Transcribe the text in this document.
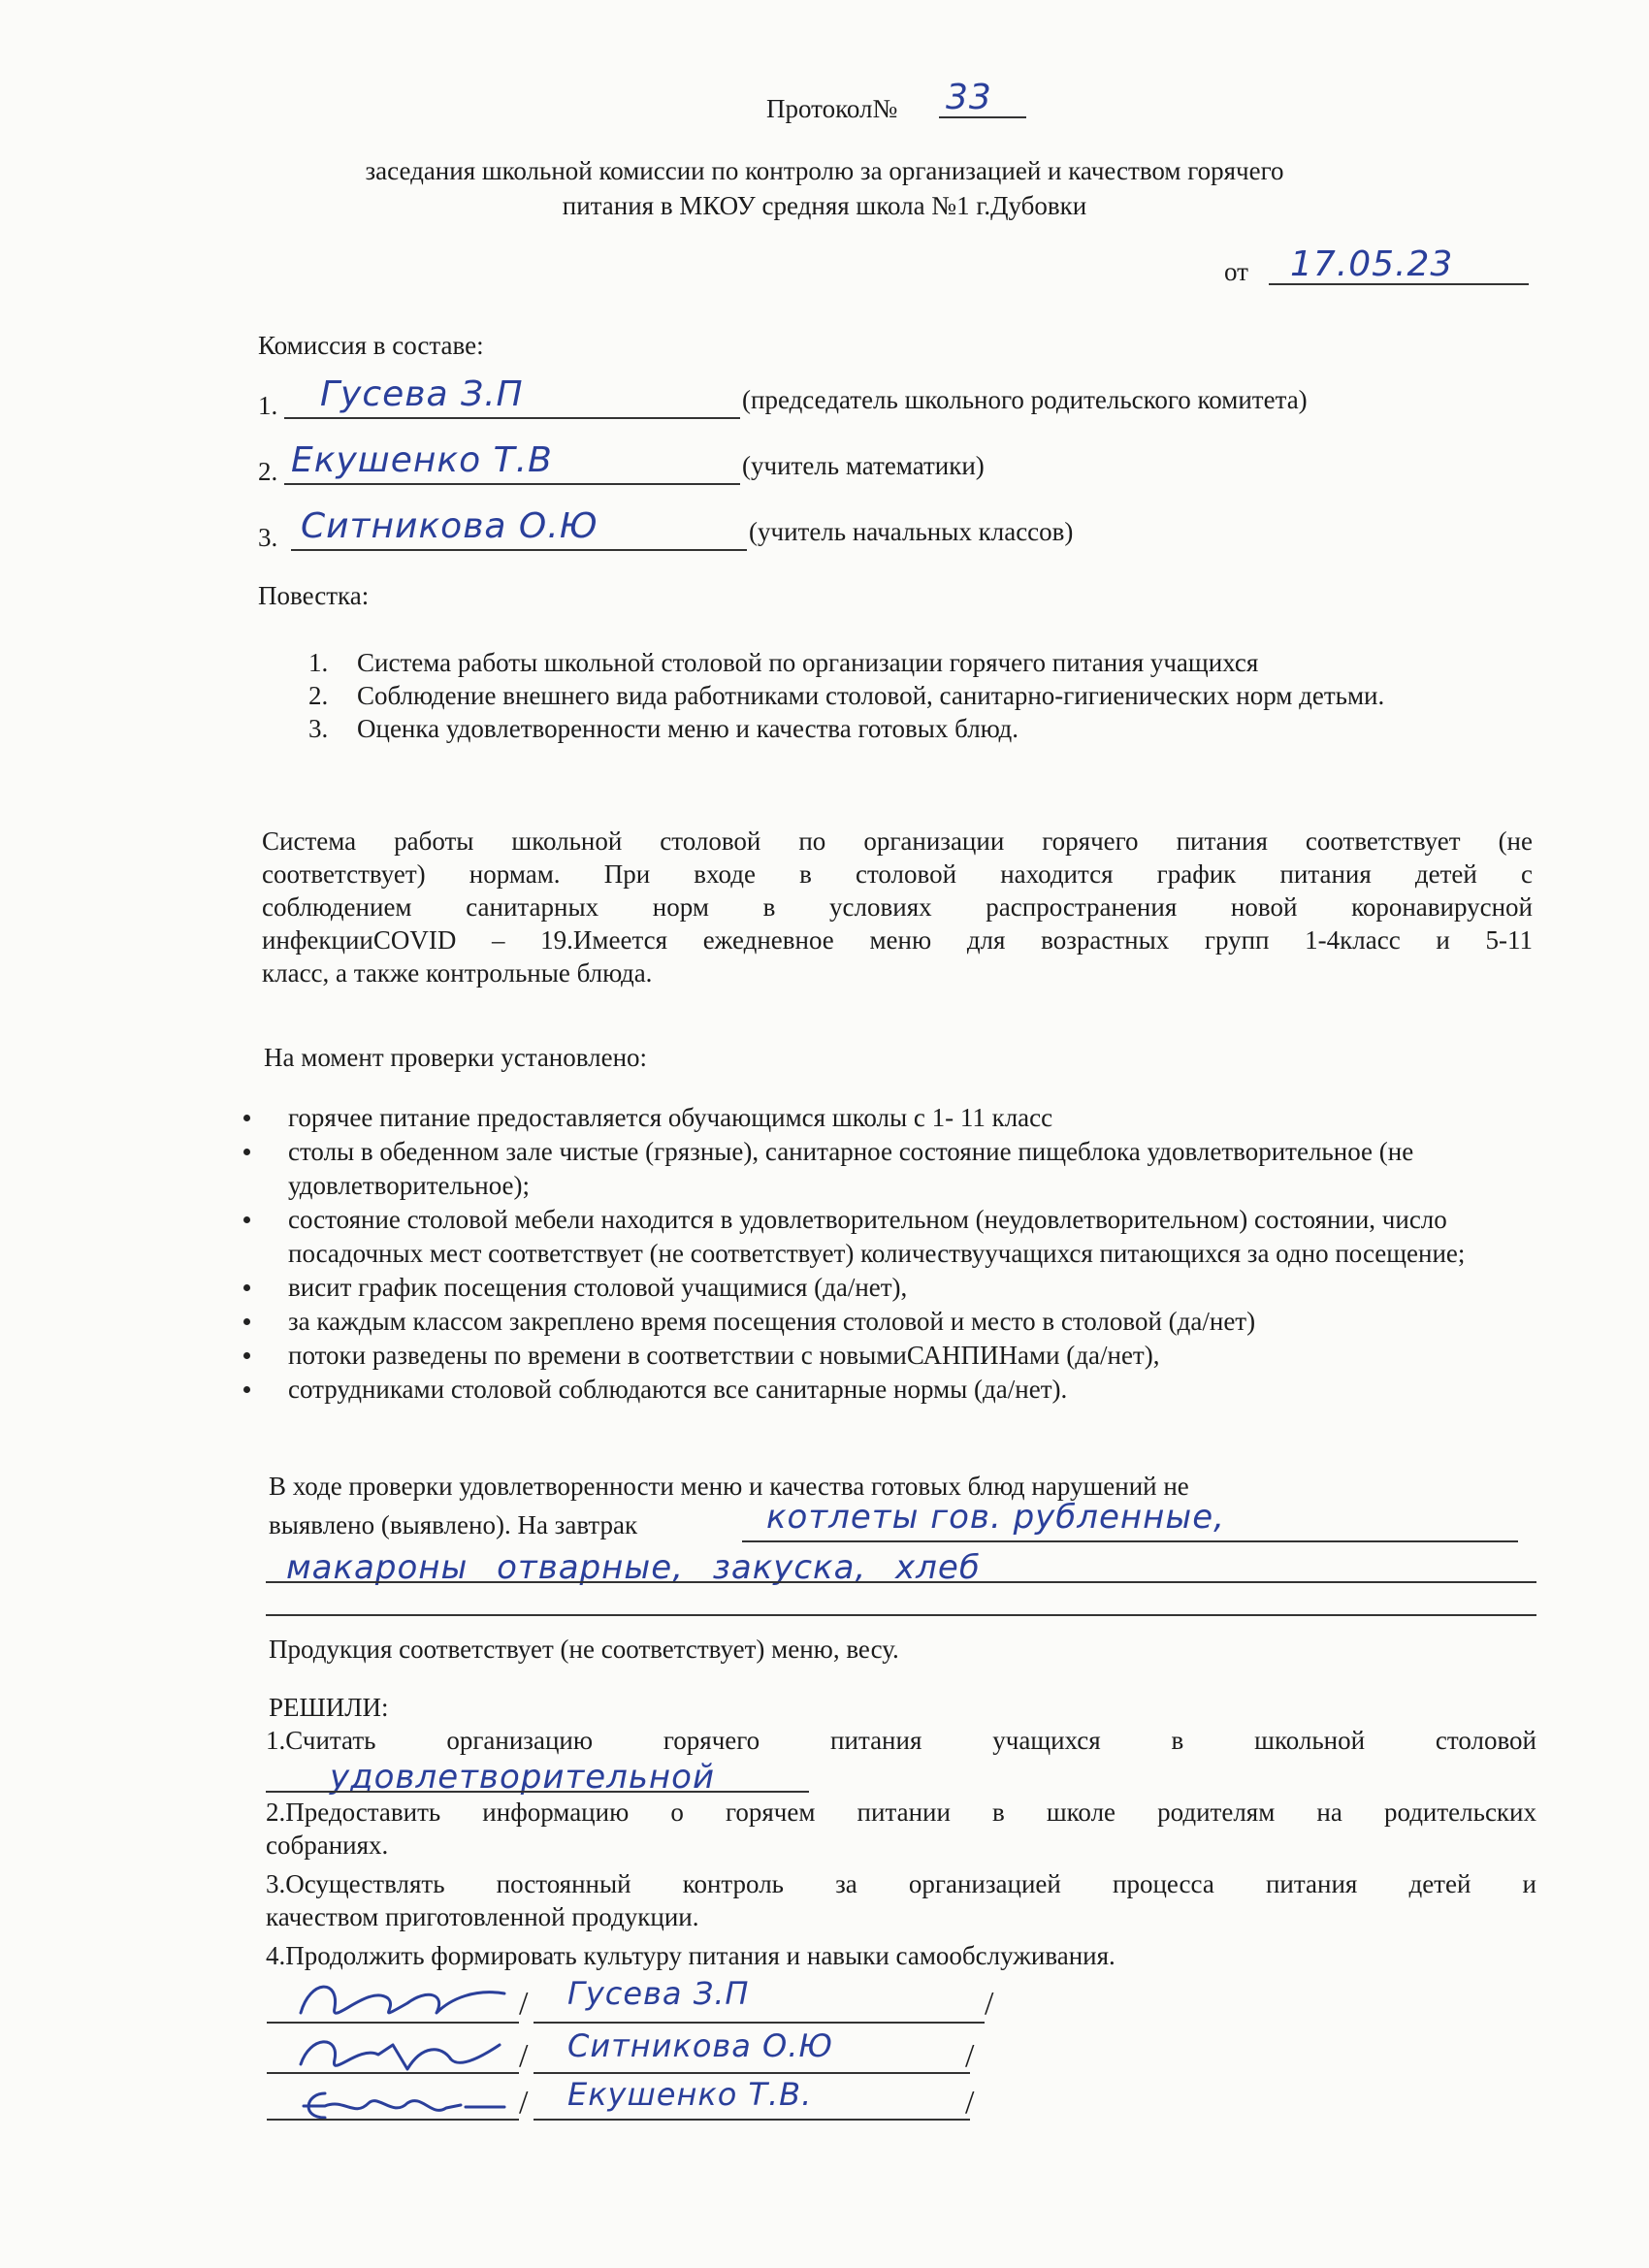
Протокол№ 33
заседания школьной комиссии по контролю за организацией и качеством горячего
питания в МКОУ средняя школа №1 г.Дубовки
от 17.05.23
Комиссия в составе:
1. Гусева З.П	(председатель школьного родительского комитета)
2. Екушенко Т.В	(учитель математики)
3. Ситникова О.Ю	(учитель начальных классов)
Повестка:
1. Система работы школьной столовой по организации горячего питания учащихся
2. Соблюдение внешнего вида работниками столовой, санитарно-гигиенических норм детьми.
3. Оценка удовлетворенности меню и качества готовых блюд.
Система работы школьной столовой по организации горячего питания соответствует (не
соответствует) нормам. При входе в столовой находится график питания детей с
соблюдением санитарных норм в условиях распространения новой коронавирусной
инфекцииCOVID – 19.Имеется ежедневное меню для возрастных групп 1-4класс и 5-11
класс, а также контрольные блюда.
На момент проверки установлено:
горячее питание предоставляется обучающимся школы с 1- 11 класс
столы в обеденном зале чистые (грязные), санитарное состояние пищеблока удовлетворительное (не удовлетворительное);
состояние столовой мебели находится в удовлетворительном (неудовлетворительном) состоянии, число посадочных мест соответствует (не соответствует) количествуучащихся питающихся за одно посещение;
висит график посещения столовой учащимися (да/нет),
за каждым классом закреплено время посещения столовой и место в столовой (да/нет)
потоки разведены по времени в соответствии с новымиСАНПИНами (да/нет),
сотрудниками столовой соблюдаются все санитарные нормы (да/нет).
В ходе проверки удовлетворенности меню и качества готовых блюд нарушений не
выявлено (выявлено). На завтрак	котлеты гов. рубленные,
макароны отварные, закуска, хлеб
Продукция соответствует (не соответствует) меню, весу.
РЕШИЛИ:
1.Считать организацию горячего питания учащихся в школьной столовой
удовлетворительной
2.Предоставить информацию о горячем питании в школе родителям на родительских
собраниях.
3.Осуществлять постоянный контроль за организацией процесса питания детей и
качеством приготовленной продукции.
4.Продолжить формировать культуру питания и навыки самообслуживания.
/ Гусева З.П	/
/ Ситникова О.Ю	/
/ Екушенко Т.В.	/
